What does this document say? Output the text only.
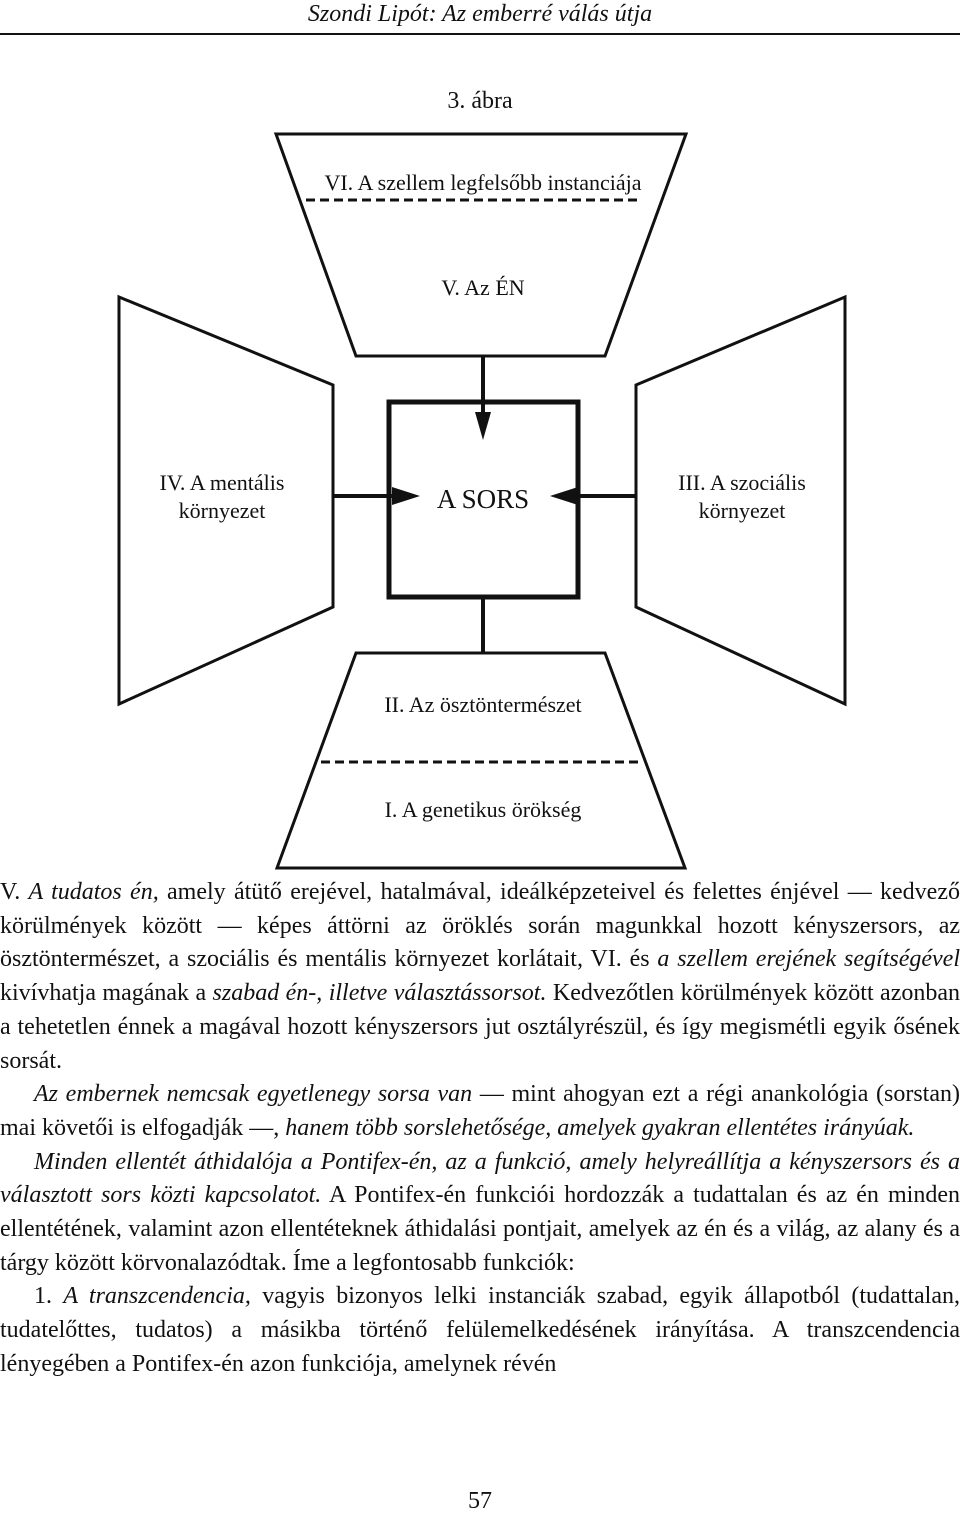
Szondi Lipót: Az emberré válás útja
3. ábra
VI. A szellem legfelsőbb instanciája
V. Az ÉN
IV. A mentális
környezet
III. A szociális
környezet
II. Az ösztöntermészet
I. A genetikus örökség
A SORS

V. A tudatos én, amely átütő erejével, hatalmával, ideálképzeteivel és felettes énjével — kedvező körülmények között — képes áttörni az öröklés során magunkkal hozott kényszersors, az ösztöntermészet, a szociális és mentális környezet korlátait, VI. és a szellem erejének segítségével kivívhatja magának a szabad én-, illetve választássorsot. Kedvezőtlen körülmények között azonban a tehetetlen énnek a magával hozott kényszersors jut osztályrészül, és így megismétli egyik ősének sorsát.

Az embernek nemcsak egyetlenegy sorsa van — mint ahogyan ezt a régi anankológia (sorstan) mai követői is elfogadják —, hanem több sorslehetősége, amelyek gyakran ellentétes irányúak.

Minden ellentét áthidalója a Pontifex-én, az a funkció, amely helyreállítja a kényszersors és a választott sors közti kapcsolatot. A Pontifex-én funkciói hordozzák a tudattalan és az én minden ellentétének, valamint azon ellentéteknek áthidalási pontjait, amelyek az én és a világ, az alany és a tárgy között körvonalazódtak. Íme a legfontosabb funkciók:

1. A transzcendencia, vagyis bizonyos lelki instanciák szabad, egyik állapotból (tudattalan, tudatelőttes, tudatos) a másikba történő felülemelkedésének irányítása. A transzcendencia lényegében a Pontifex-én azon funkciója, amelynek révén

57
